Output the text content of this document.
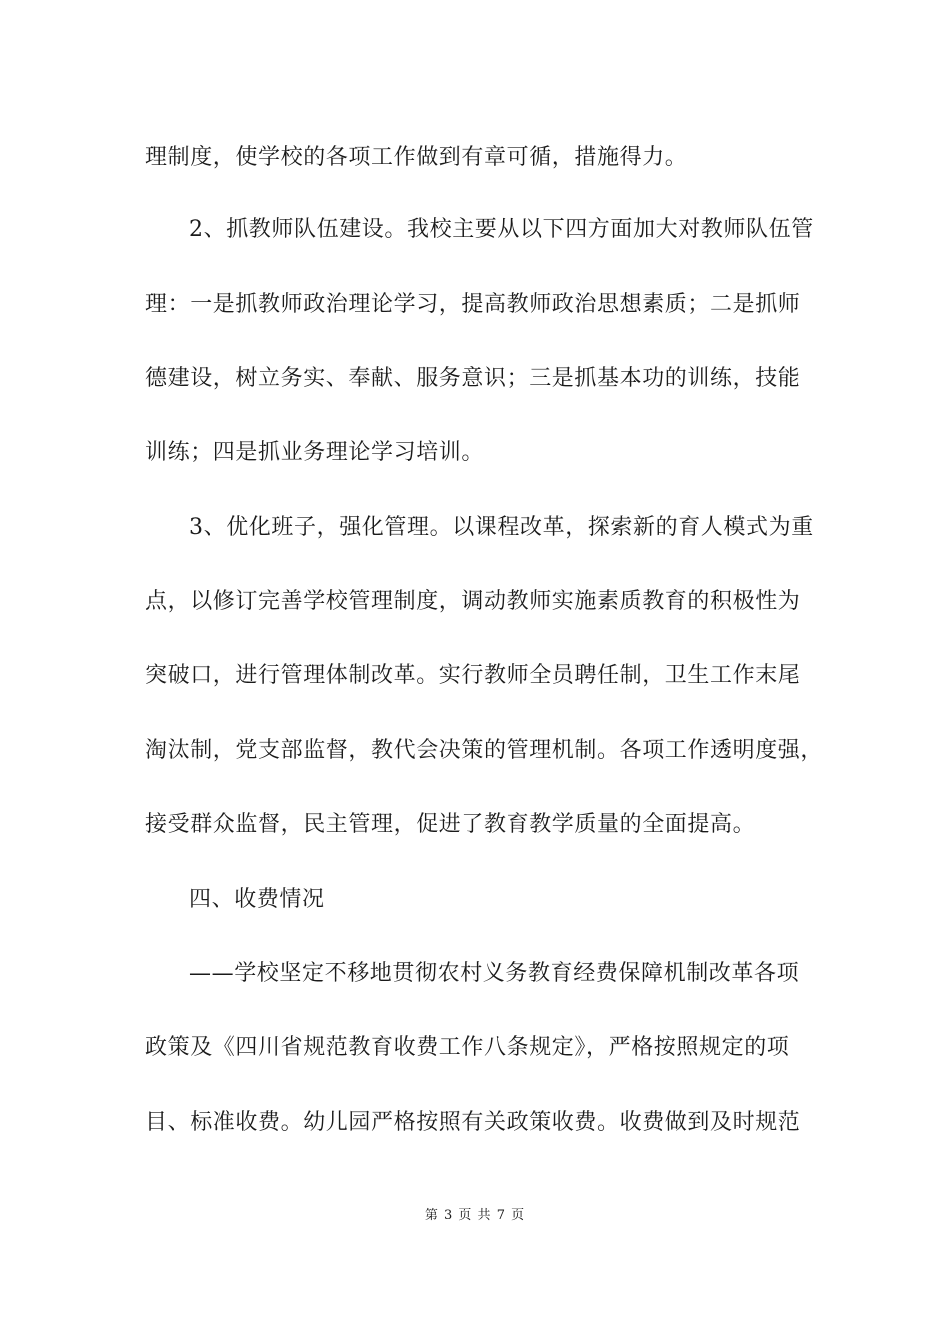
理制度，使学校的各项工作做到有章可循，措施得力。
2、抓教师队伍建设。我校主要从以下四方面加大对教师队伍管
理：一是抓教师政治理论学习，提高教师政治思想素质；二是抓师
德建设，树立务实、奉献、服务意识；三是抓基本功的训练，技能
训练；四是抓业务理论学习培训。
3、优化班子，强化管理。以课程改革，探索新的育人模式为重
点，以修订完善学校管理制度，调动教师实施素质教育的积极性为
突破口，进行管理体制改革。实行教师全员聘任制，卫生工作末尾
淘汰制，党支部监督，教代会决策的管理机制。各项工作透明度强，
接受群众监督，民主管理，促进了教育教学质量的全面提高。
四、收费情况
——学校坚定不移地贯彻农村义务教育经费保障机制改革各项
政策及《四川省规范教育收费工作八条规定》，严格按照规定的项
目、标准收费。幼儿园严格按照有关政策收费。收费做到及时规范
第 3 页 共 7 页
